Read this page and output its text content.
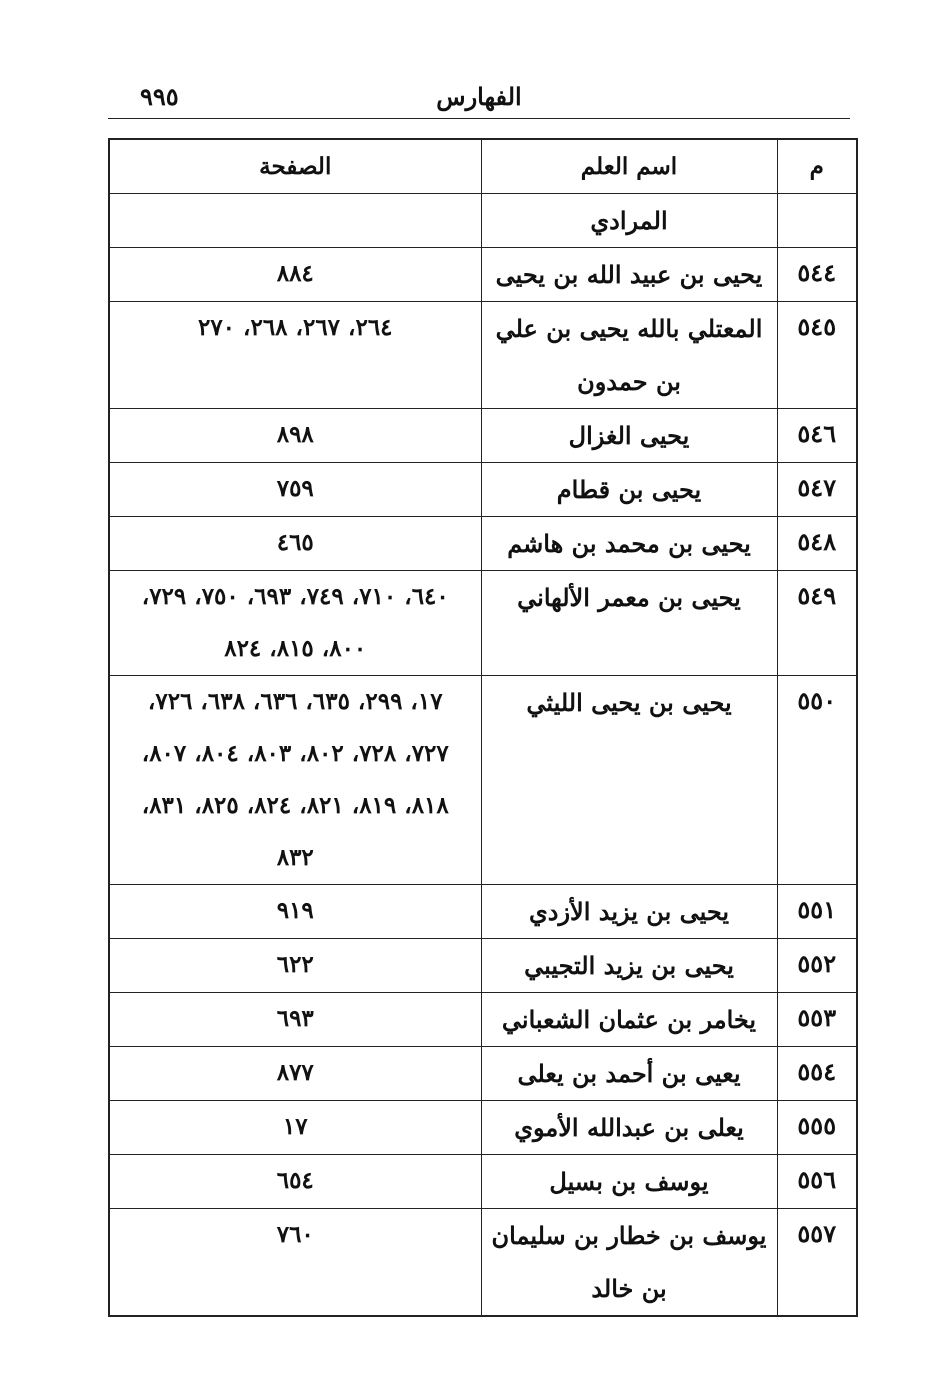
٩٩٥	الفهارس
م	اسم العلم	الصفحة
	المرادي	
٥٤٤	يحيى بن عبيد الله بن يحيى	٨٨٤
٥٤٥	المعتلي بالله يحيى بن علي بن حمدون	٢٦٤، ٢٦٧، ٢٦٨، ٢٧٠
٥٤٦	يحيى الغزال	٨٩٨
٥٤٧	يحيى بن قطام	٧٥٩
٥٤٨	يحيى بن محمد بن هاشم	٤٦٥
٥٤٩	يحيى بن معمر الألهاني	٦٤٠، ٧١٠، ٧٤٩، ٦٩٣، ٧٥٠، ٧٢٩، ٨٠٠، ٨١٥، ٨٢٤
٥٥٠	يحيى بن يحيى الليثي	١٧، ٢٩٩، ٦٣٥، ٦٣٦، ٦٣٨، ٧٢٦، ٧٢٧، ٧٢٨، ٨٠٢، ٨٠٣، ٨٠٤، ٨٠٧، ٨١٨، ٨١٩، ٨٢١، ٨٢٤، ٨٢٥، ٨٣١، ٨٣٢
٥٥١	يحيى بن يزيد الأزدي	٩١٩
٥٥٢	يحيى بن يزيد التجيبي	٦٢٢
٥٥٣	يخامر بن عثمان الشعباني	٦٩٣
٥٥٤	يعيى بن أحمد بن يعلى	٨٧٧
٥٥٥	يعلى بن عبدالله الأموي	١٧
٥٥٦	يوسف بن بسيل	٦٥٤
٥٥٧	يوسف بن خطار بن سليمان بن خالد	٧٦٠
